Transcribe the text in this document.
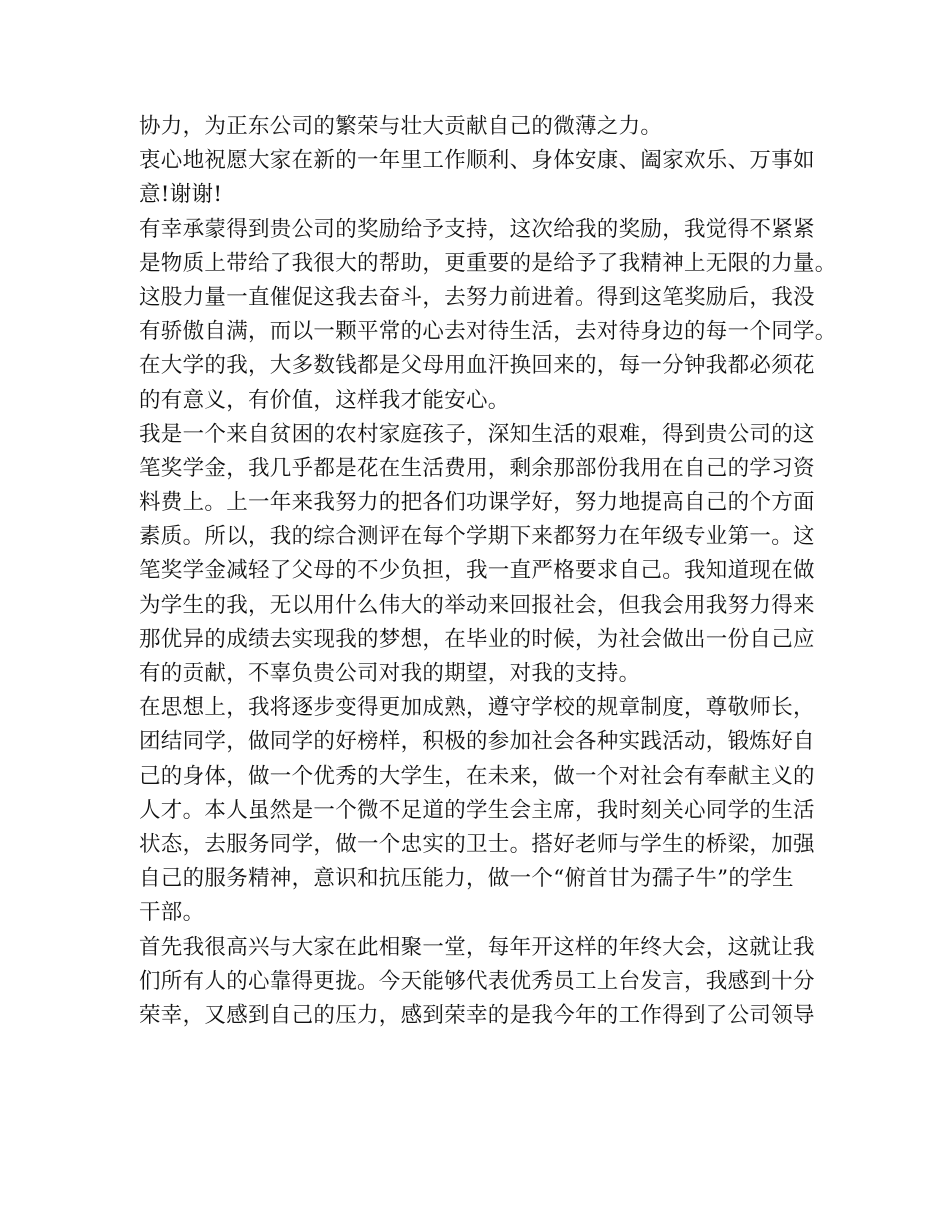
协力，为正东公司的繁荣与壮大贡献自己的微薄之力。
衷心地祝愿大家在新的一年里工作顺利、身体安康、阖家欢乐、万事如
意!谢谢!
有幸承蒙得到贵公司的奖励给予支持，这次给我的奖励，我觉得不紧紧
是物质上带给了我很大的帮助，更重要的是给予了我精神上无限的力量。
这股力量一直催促这我去奋斗，去努力前进着。得到这笔奖励后，我没
有骄傲自满，而以一颗平常的心去对待生活，去对待身边的每一个同学。
在大学的我，大多数钱都是父母用血汗换回来的，每一分钟我都必须花
的有意义，有价值，这样我才能安心。
我是一个来自贫困的农村家庭孩子，深知生活的艰难，得到贵公司的这
笔奖学金，我几乎都是花在生活费用，剩余那部份我用在自己的学习资
料费上。上一年来我努力的把各们功课学好，努力地提高自己的个方面
素质。所以，我的综合测评在每个学期下来都努力在年级专业第一。这
笔奖学金减轻了父母的不少负担，我一直严格要求自己。我知道现在做
为学生的我，无以用什么伟大的举动来回报社会，但我会用我努力得来
那优异的成绩去实现我的梦想，在毕业的时候，为社会做出一份自己应
有的贡献，不辜负贵公司对我的期望，对我的支持。
在思想上，我将逐步变得更加成熟，遵守学校的规章制度，尊敬师长，
团结同学，做同学的好榜样，积极的参加社会各种实践活动，锻炼好自
己的身体，做一个优秀的大学生，在未来，做一个对社会有奉献主义的
人才。本人虽然是一个微不足道的学生会主席，我时刻关心同学的生活
状态，去服务同学，做一个忠实的卫士。搭好老师与学生的桥梁，加强
自己的服务精神，意识和抗压能力，做一个“俯首甘为孺子牛”的学生
干部。
首先我很高兴与大家在此相聚一堂，每年开这样的年终大会，这就让我
们所有人的心靠得更拢。今天能够代表优秀员工上台发言，我感到十分
荣幸，又感到自己的压力，感到荣幸的是我今年的工作得到了公司领导
